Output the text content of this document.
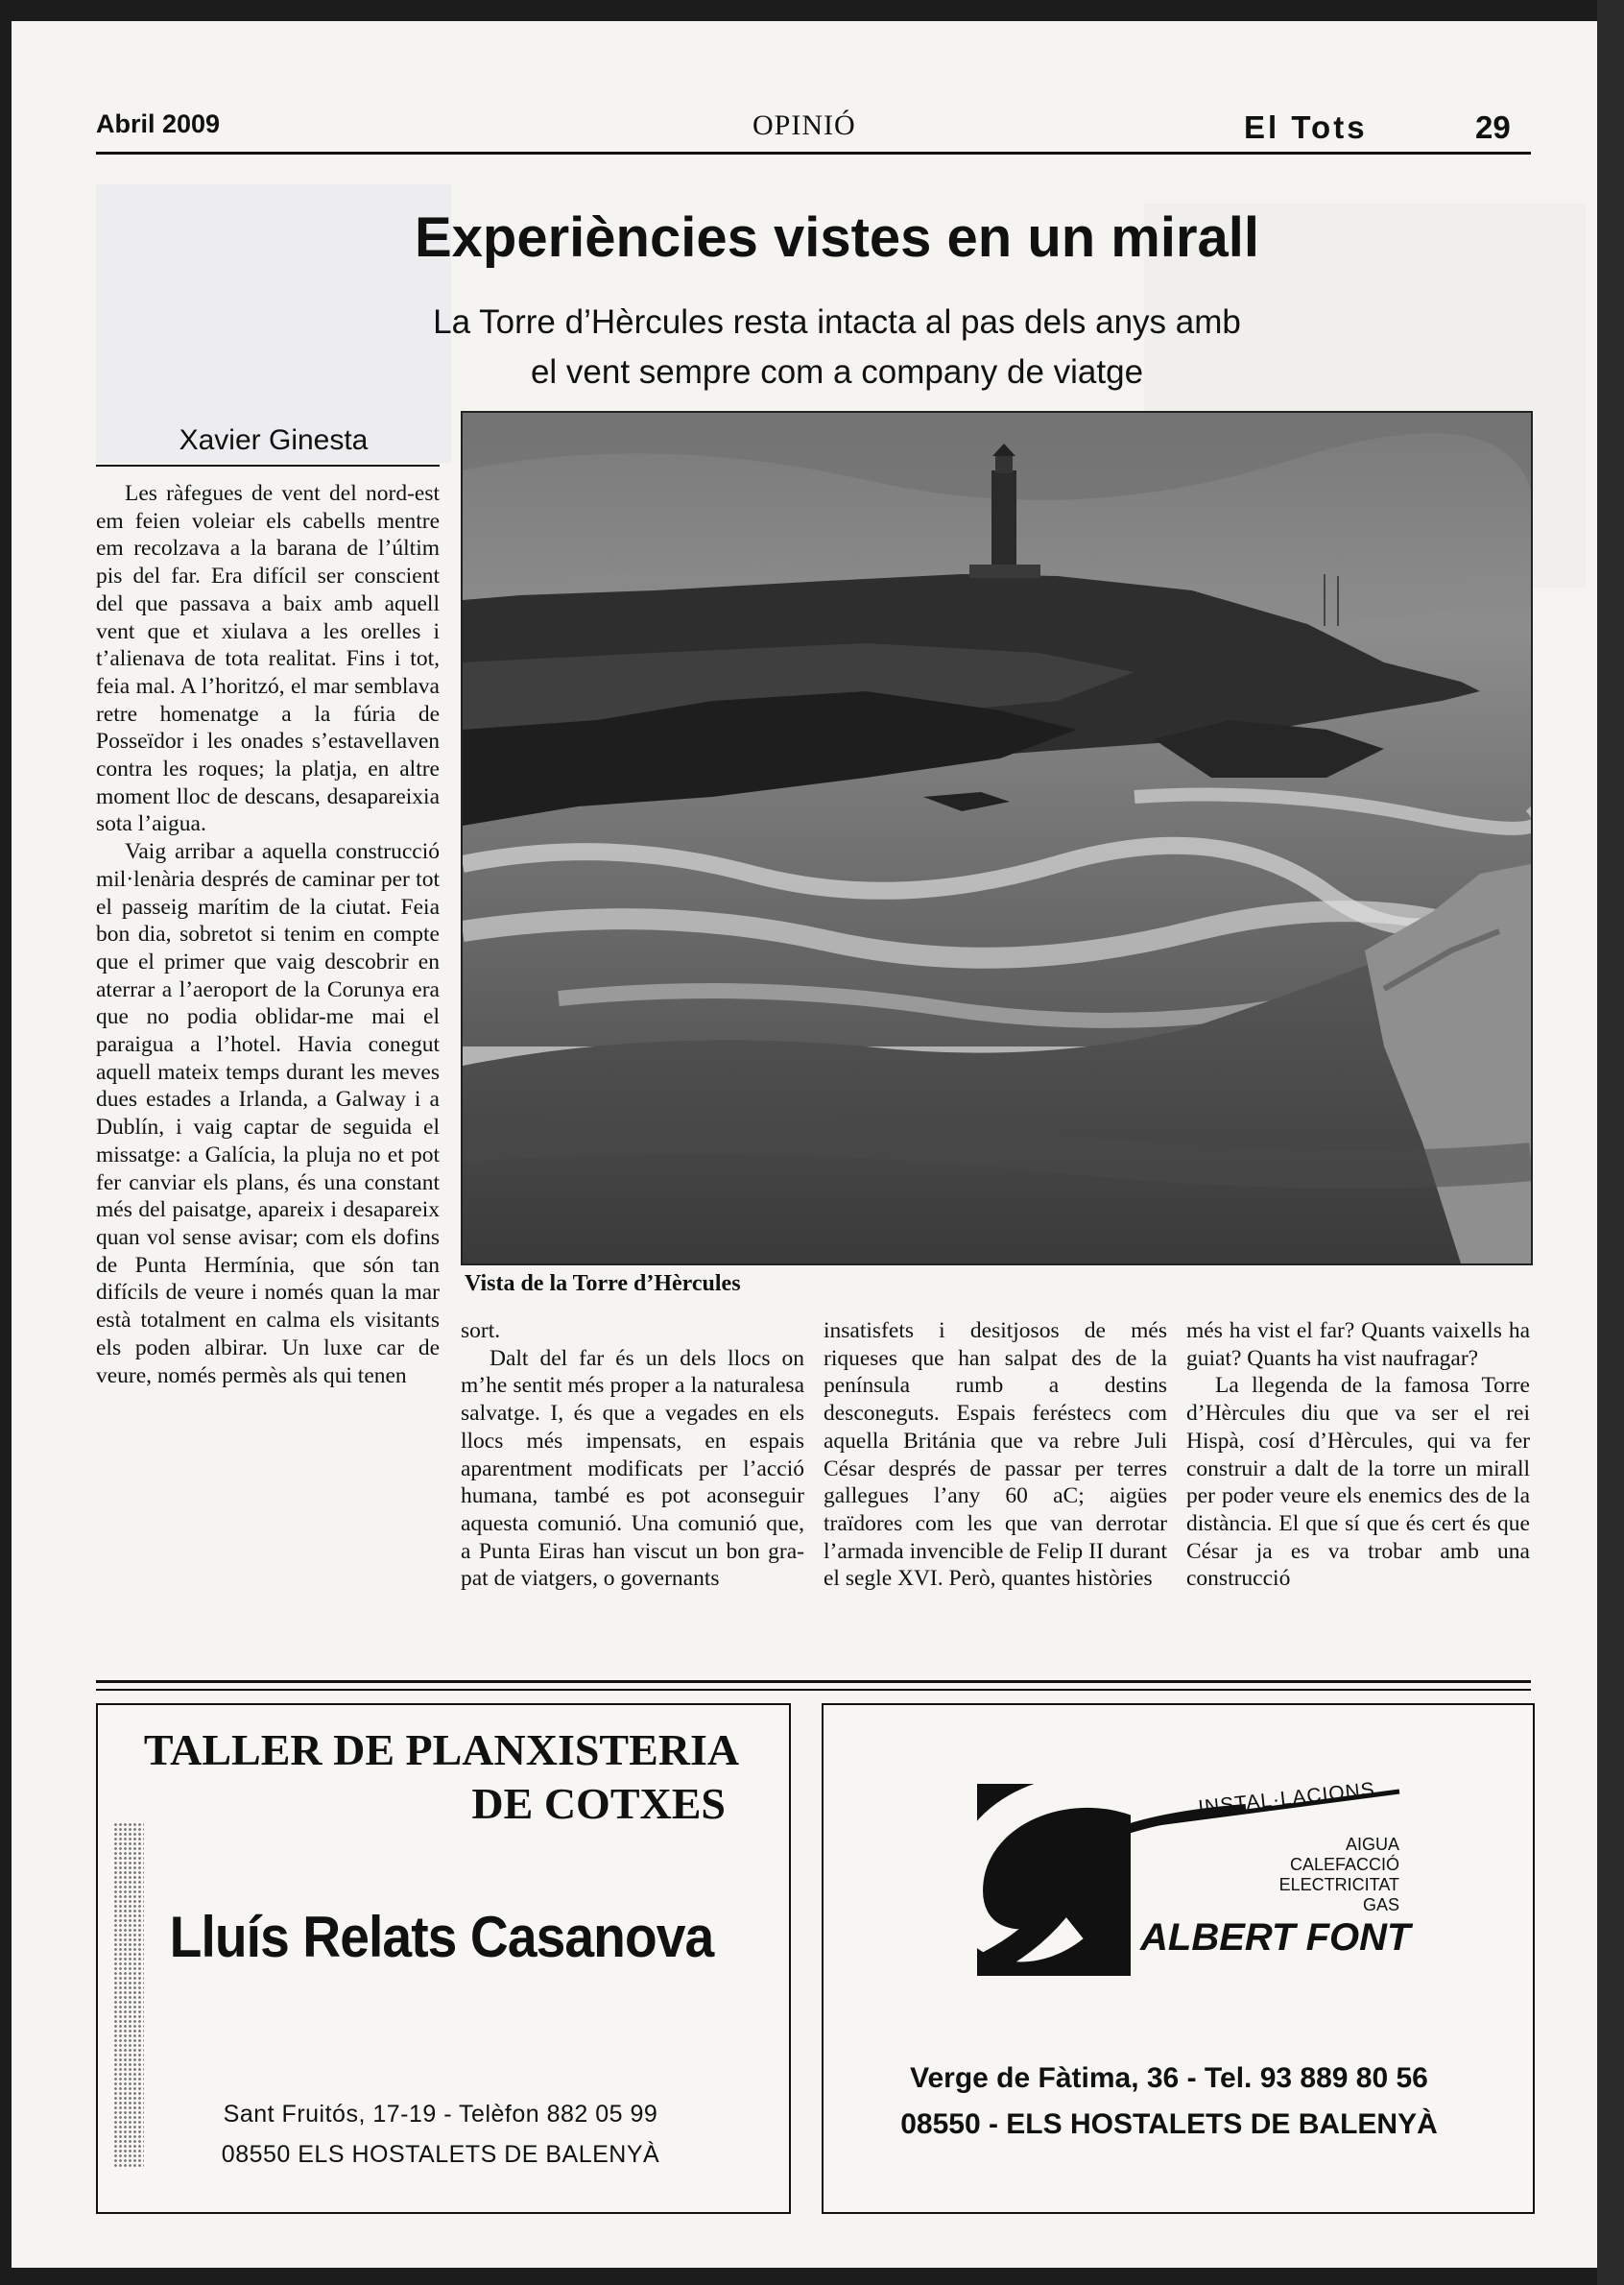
Abril 2009	OPINIÓ	El Tots	29
Experiències vistes en un mirall
La Torre d’Hèrcules resta intacta al pas dels anys amb
el vent sempre com a company de viatge
Xavier Ginesta

Les ràfegues de vent del nord-est em feien voleiar els cabells mentre em recolzava a la barana de l’últim pis del far. Era difícil ser conscient del que passava a baix amb aquell vent que et xiulava a les orelles i t’alienava de tota realitat. Fins i tot, feia mal. A l’horitzó, el mar semblava retre homenatge a la fúria de Posseïdor i les onades s’estavellaven contra les roques; la platja, en altre moment lloc de descans, desapareixia sota l’aigua.

Vaig arribar a aquella construcció mil·lenària després de caminar per tot el passeig marítim de la ciutat. Feia bon dia, sobretot si tenim en compte que el primer que vaig descobrir en aterrar a l’aeroport de la Corunya era que no podia oblidar-me mai el paraigua a l’hotel. Havia conegut aquell mateix temps durant les meves dues estades a Irlanda, a Galway i a Dublín, i vaig captar de seguida el missatge: a Galícia, la pluja no et pot fer canviar els plans, és una constant més del paisatge, apareix i desapareix quan vol sense avisar; com els dofins de Punta Hermínia, que són tan difícils de veure i només quan la mar està totalment en calma els visitants els poden albirar. Un luxe car de veure, només permès als qui tenen

Vista de la Torre d’Hèrcules

sort.

Dalt del far és un dels llocs on m’he sentit més proper a la naturalesa salvatge. I, és que a vegades en els llocs més impensats, en espais aparentment modificats per l’acció humana, també es pot aconseguir aquesta comunió. Una comunió que, a Punta Eiras han viscut un bon grapat de viatgers, o governants

insatisfets i desitjosos de més riqueses que han salpat des de la península rumb a destins desconeguts. Espais feréstecs com aquella Británia que va rebre Juli César després de passar per terres gallegues l’any 60 aC; aigües traïdores com les que van derrotar l’armada invencible de Felip II durant el segle XVI. Però, quantes històries

més ha vist el far? Quants vaixells ha guiat? Quants ha vist naufragar?

La llegenda de la famosa Torre d’Hèrcules diu que va ser el rei Hispà, cosí d’Hèrcules, qui va fer construir a dalt de la torre un mirall per poder veure els enemics des de la distància. El que sí que és cert és que César ja es va trobar amb una construcció

TALLER DE PLANXISTERIA
DE COTXES
Lluís Relats Casanova
Sant Fruitós, 17-19 - Telèfon 882 05 99
08550 ELS HOSTALETS DE BALENYÀ
INSTAL·LACIONS
AIGUA
CALEFACCIÓ
ELECTRICITAT
GAS
ALBERT FONT
Verge de Fàtima, 36 - Tel. 93 889 80 56
08550 - ELS HOSTALETS DE BALENYÀ
